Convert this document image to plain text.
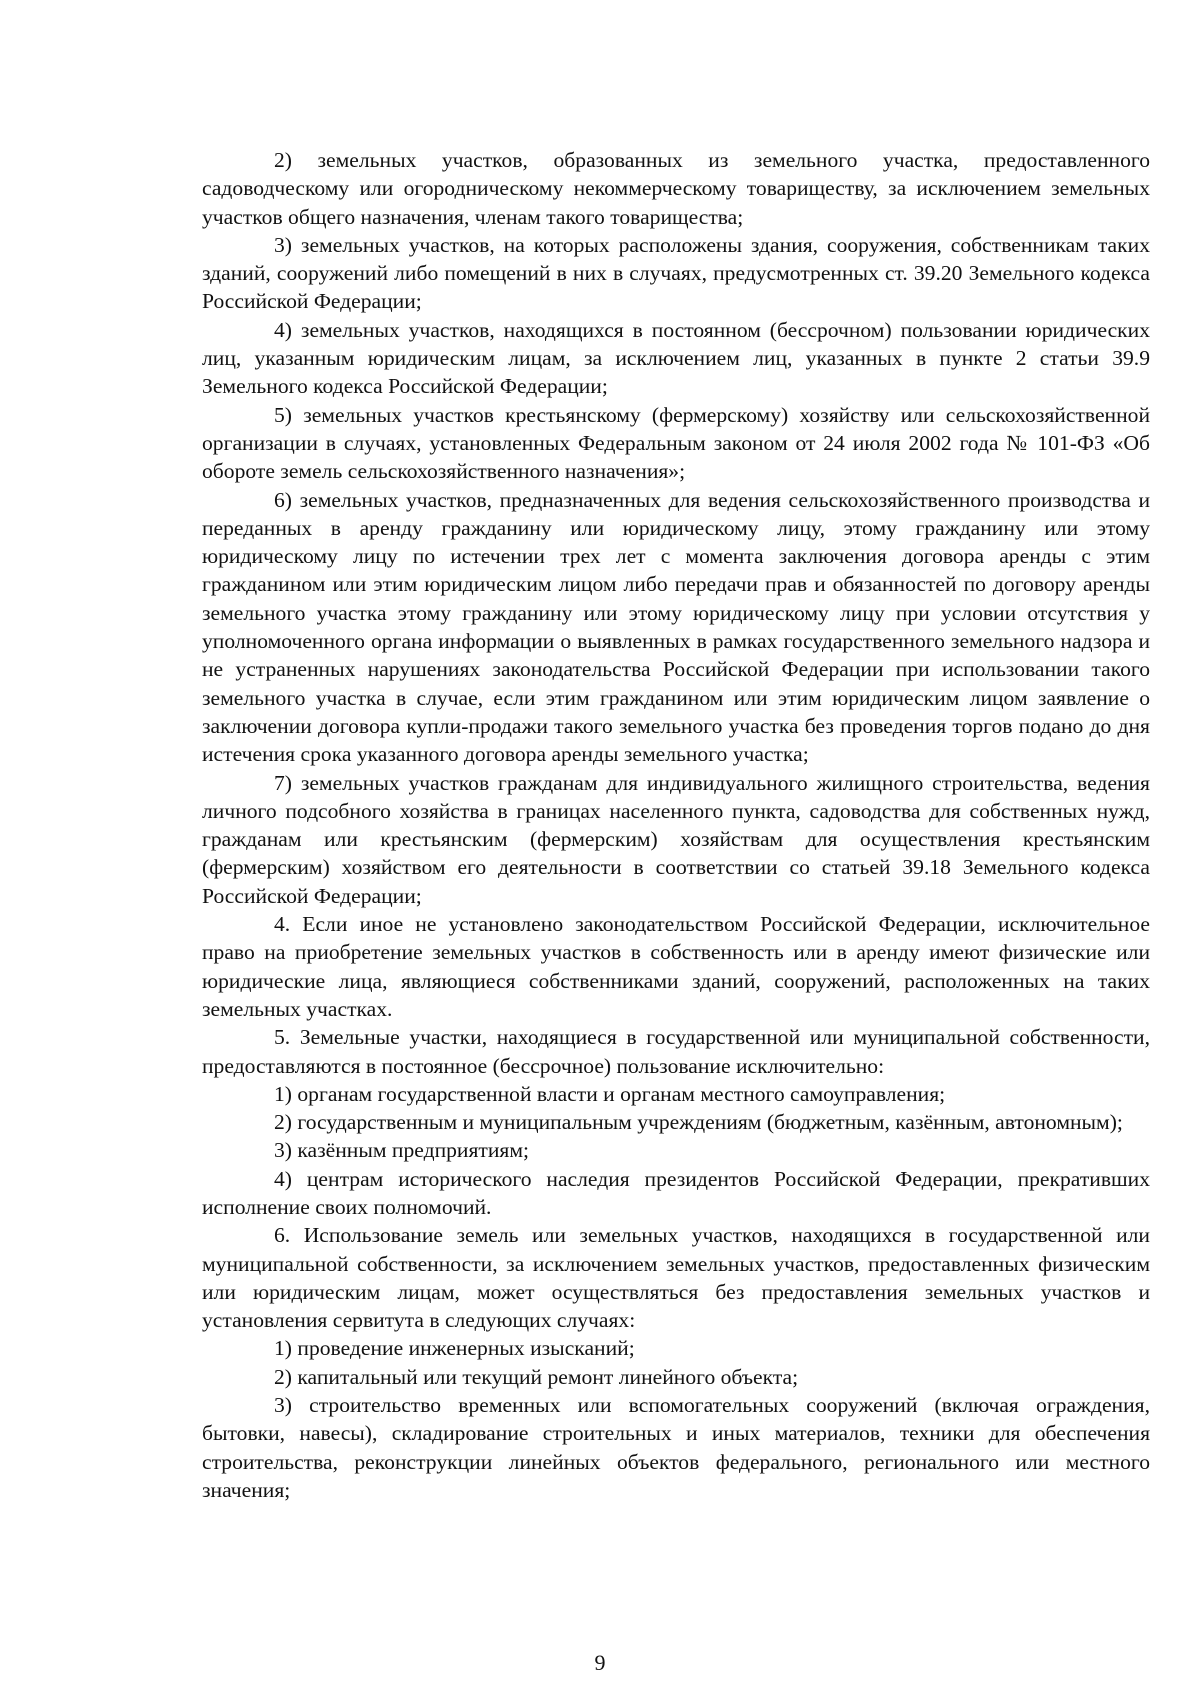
2) земельных участков, образованных из земельного участка, предоставленного садоводческому или огородническому некоммерческому товариществу, за исключением земельных участков общего назначения, членам такого товарищества;

3) земельных участков, на которых расположены здания, сооружения, собственникам таких зданий, сооружений либо помещений в них в случаях, предусмотренных ст. 39.20 Земельного кодекса Российской Федерации;

4) земельных участков, находящихся в постоянном (бессрочном) пользовании юридических лиц, указанным юридическим лицам, за исключением лиц, указанных в пункте 2 статьи 39.9 Земельного кодекса Российской Федерации;

5) земельных участков крестьянскому (фермерскому) хозяйству или сельскохозяйственной организации в случаях, установленных Федеральным законом от 24 июля 2002 года № 101-ФЗ «Об обороте земель сельскохозяйственного назначения»;

6) земельных участков, предназначенных для ведения сельскохозяйственного производства и переданных в аренду гражданину или юридическому лицу, этому гражданину или этому юридическому лицу по истечении трех лет с момента заключения договора аренды с этим гражданином или этим юридическим лицом либо передачи прав и обязанностей по договору аренды земельного участка этому гражданину или этому юридическому лицу при условии отсутствия у уполномоченного органа информации о выявленных в рамках государственного земельного надзора и не устраненных нарушениях законодательства Российской Федерации при использовании такого земельного участка в случае, если этим гражданином или этим юридическим лицом заявление о заключении договора купли-продажи такого земельного участка без проведения торгов подано до дня истечения срока указанного договора аренды земельного участка;

7) земельных участков гражданам для индивидуального жилищного строительства, ведения личного подсобного хозяйства в границах населенного пункта, садоводства для собственных нужд, гражданам или крестьянским (фермерским) хозяйствам для осуществления крестьянским (фермерским) хозяйством его деятельности в соответствии со статьей 39.18 Земельного кодекса Российской Федерации;

4. Если иное не установлено законодательством Российской Федерации, исключительное право на приобретение земельных участков в собственность или в аренду имеют физические или юридические лица, являющиеся собственниками зданий, сооружений, расположенных на таких земельных участках.

5. Земельные участки, находящиеся в государственной или муниципальной собственности, предоставляются в постоянное (бессрочное) пользование исключительно:

1) органам государственной власти и органам местного самоуправления;

2) государственным и муниципальным учреждениям (бюджетным, казённым, автономным);

3) казённым предприятиям;

4) центрам исторического наследия президентов Российской Федерации, прекративших исполнение своих полномочий.

6. Использование земель или земельных участков, находящихся в государственной или муниципальной собственности, за исключением земельных участков, предоставленных физическим или юридическим лицам, может осуществляться без предоставления земельных участков и установления сервитута в следующих случаях:

1) проведение инженерных изысканий;

2) капитальный или текущий ремонт линейного объекта;

3) строительство временных или вспомогательных сооружений (включая ограждения, бытовки, навесы), складирование строительных и иных материалов, техники для обеспечения строительства, реконструкции линейных объектов федерального, регионального или местного значения;

9
